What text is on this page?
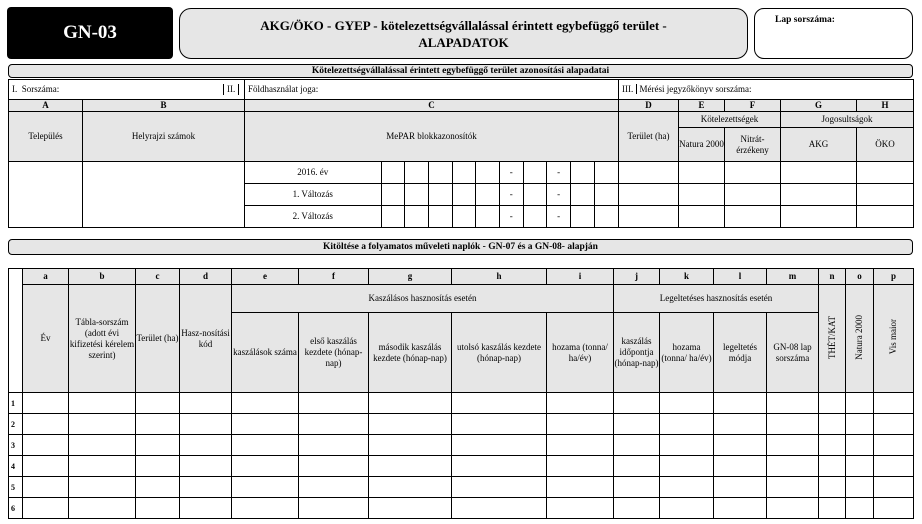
GN-03	AKG/ÖKO - GYEP - kötelezettségvállalással érintett egybefüggő terület -
ALAPADATOK
Lap sorszáma:
Kötelezettségvállalással érintett egybefüggő terület azonosítási alapadatai
I. Sorszáma:	II.	Földhasználat joga:	III. Mérési jegyzőkönyv sorszáma:
A	B	C	D	E	F	G	H
Település	Helyrajzi számok	MePAR blokkazonosítók	Terület (ha)	Kötelezettségek	Jogosultságok
Natura 2000	Nitrát-érzékeny	AKG	ÖKO

2016. év						-		-		

1. Változás						-		-		

2. Változás						-		-		

Kitöltése a folyamatos műveleti naplók - GN-07 és a GN-08- alapján
	a	b	c	d	e	f	g	h	i	j	k	l	m	n	o	p
	Év	Tábla-sorszám (adott évi kifizetési kérelem szerint)	Terület (ha)	Hasz-nosítási kód	Kaszálásos hasznosítás esetén					Legeltetéses hasznosítás esetén				THÉT/KAT	Natura 2000	Vis maior
					kaszálások száma	első kaszálás kezdete (hónap-nap)	második kaszálás kezdete (hónap-nap)	utolsó kaszálás kezdete (hónap-nap)	hozama (tonna/ ha/év)	kaszálás időpontja (hónap-nap)	hozama (tonna/ ha/év)	legeltetés módja	GN-08 lap sorszáma			
1																
2																
3																
4																
5																
6																
